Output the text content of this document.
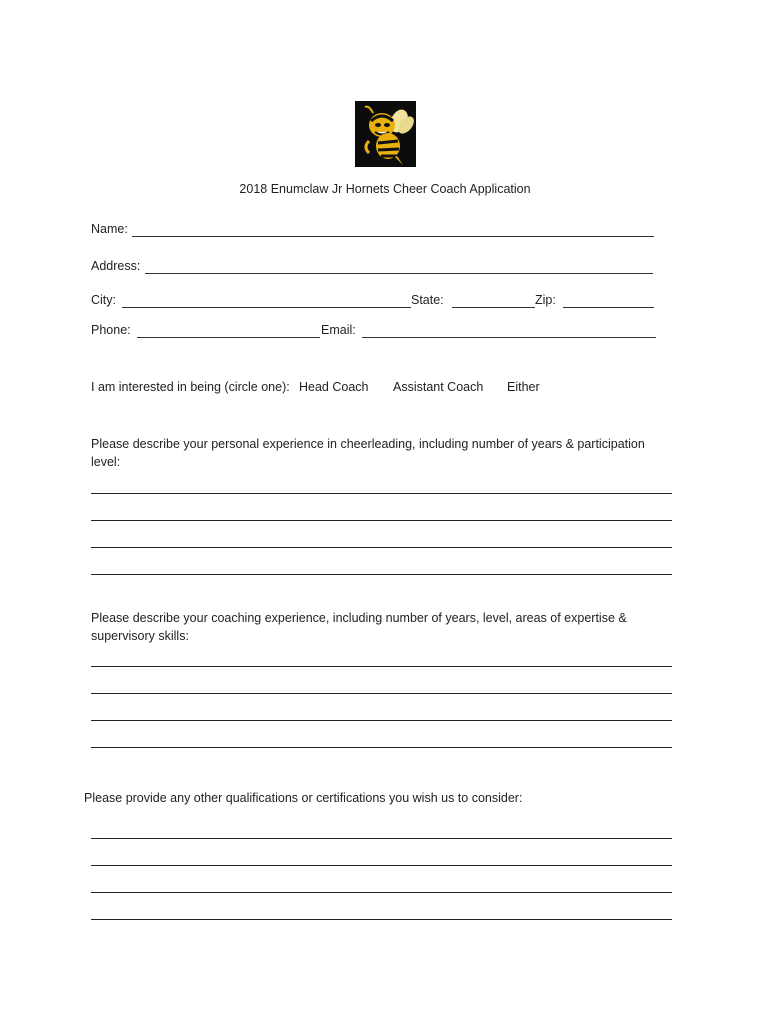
2018 Enumclaw Jr Hornets Cheer Coach Application
Name:
Address:
City:	State:	Zip:
Phone:	Email:
I am interested in being (circle one): Head Coach Assistant Coach Either
Please describe your personal experience in cheerleading, including number of years & participation level:
Please describe your coaching experience, including number of years, level, areas of expertise & supervisory skills:
Please provide any other qualifications or certifications you wish us to consider:
